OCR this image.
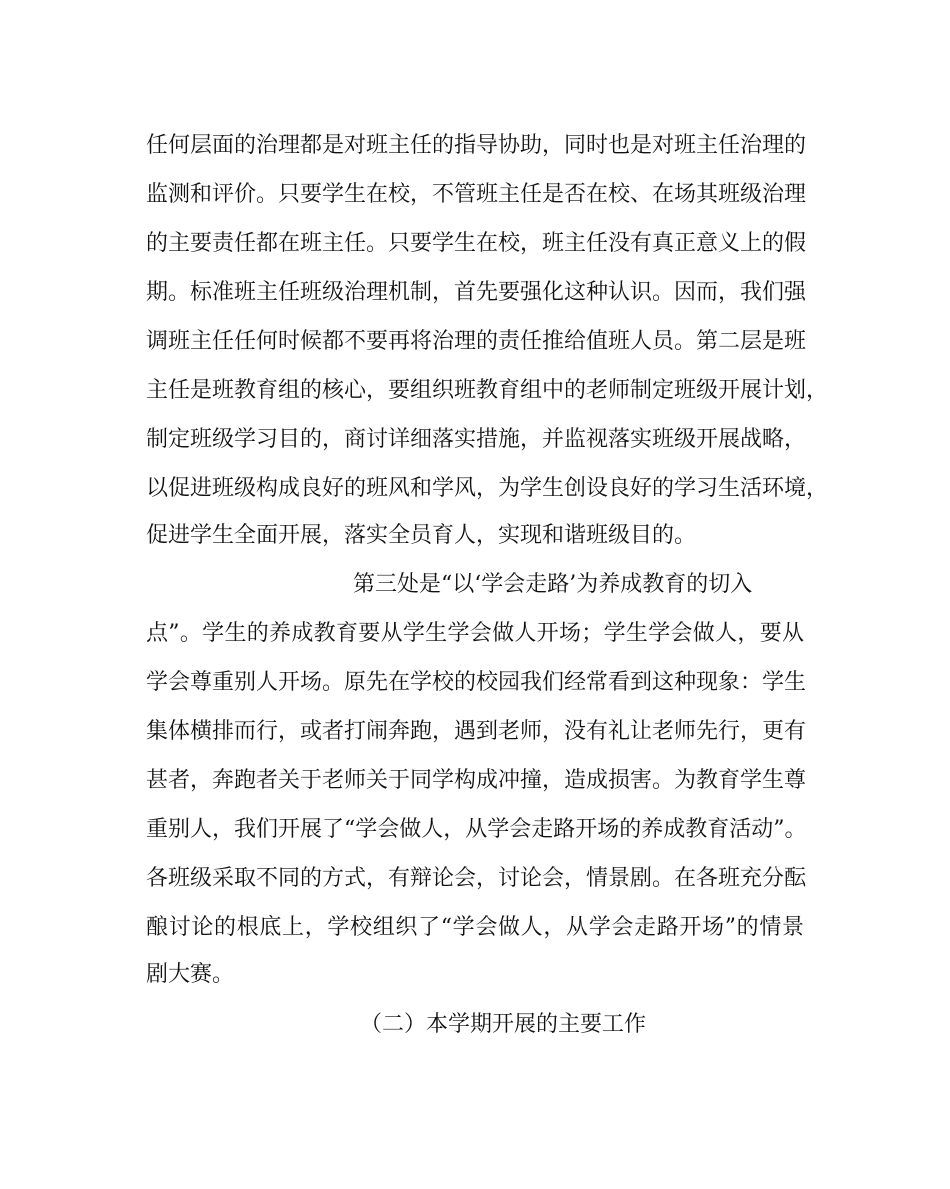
任何层面的治理都是对班主任的指导协助，同时也是对班主任治理的
监测和评价。只要学生在校，不管班主任是否在校、在场其班级治理
的主要责任都在班主任。只要学生在校，班主任没有真正意义上的假
期。标准班主任班级治理机制，首先要强化这种认识。因而，我们强
调班主任任何时候都不要再将治理的责任推给值班人员。第二层是班
主任是班教育组的核心，要组织班教育组中的老师制定班级开展计划，
制定班级学习目的，商讨详细落实措施，并监视落实班级开展战略，
以促进班级构成良好的班风和学风，为学生创设良好的学习生活环境，
促进学生全面开展，落实全员育人，实现和谐班级目的。
第三处是“以‘学会走路’为养成教育的切入
点”。学生的养成教育要从学生学会做人开场；学生学会做人，要从
学会尊重别人开场。原先在学校的校园我们经常看到这种现象：学生
集体横排而行，或者打闹奔跑，遇到老师，没有礼让老师先行，更有
甚者，奔跑者关于老师关于同学构成冲撞，造成损害。为教育学生尊
重别人，我们开展了“学会做人，从学会走路开场的养成教育活动”。
各班级采取不同的方式，有辩论会，讨论会，情景剧。在各班充分酝
酿讨论的根底上，学校组织了“学会做人，从学会走路开场”的情景
剧大赛。
（二）本学期开展的主要工作
